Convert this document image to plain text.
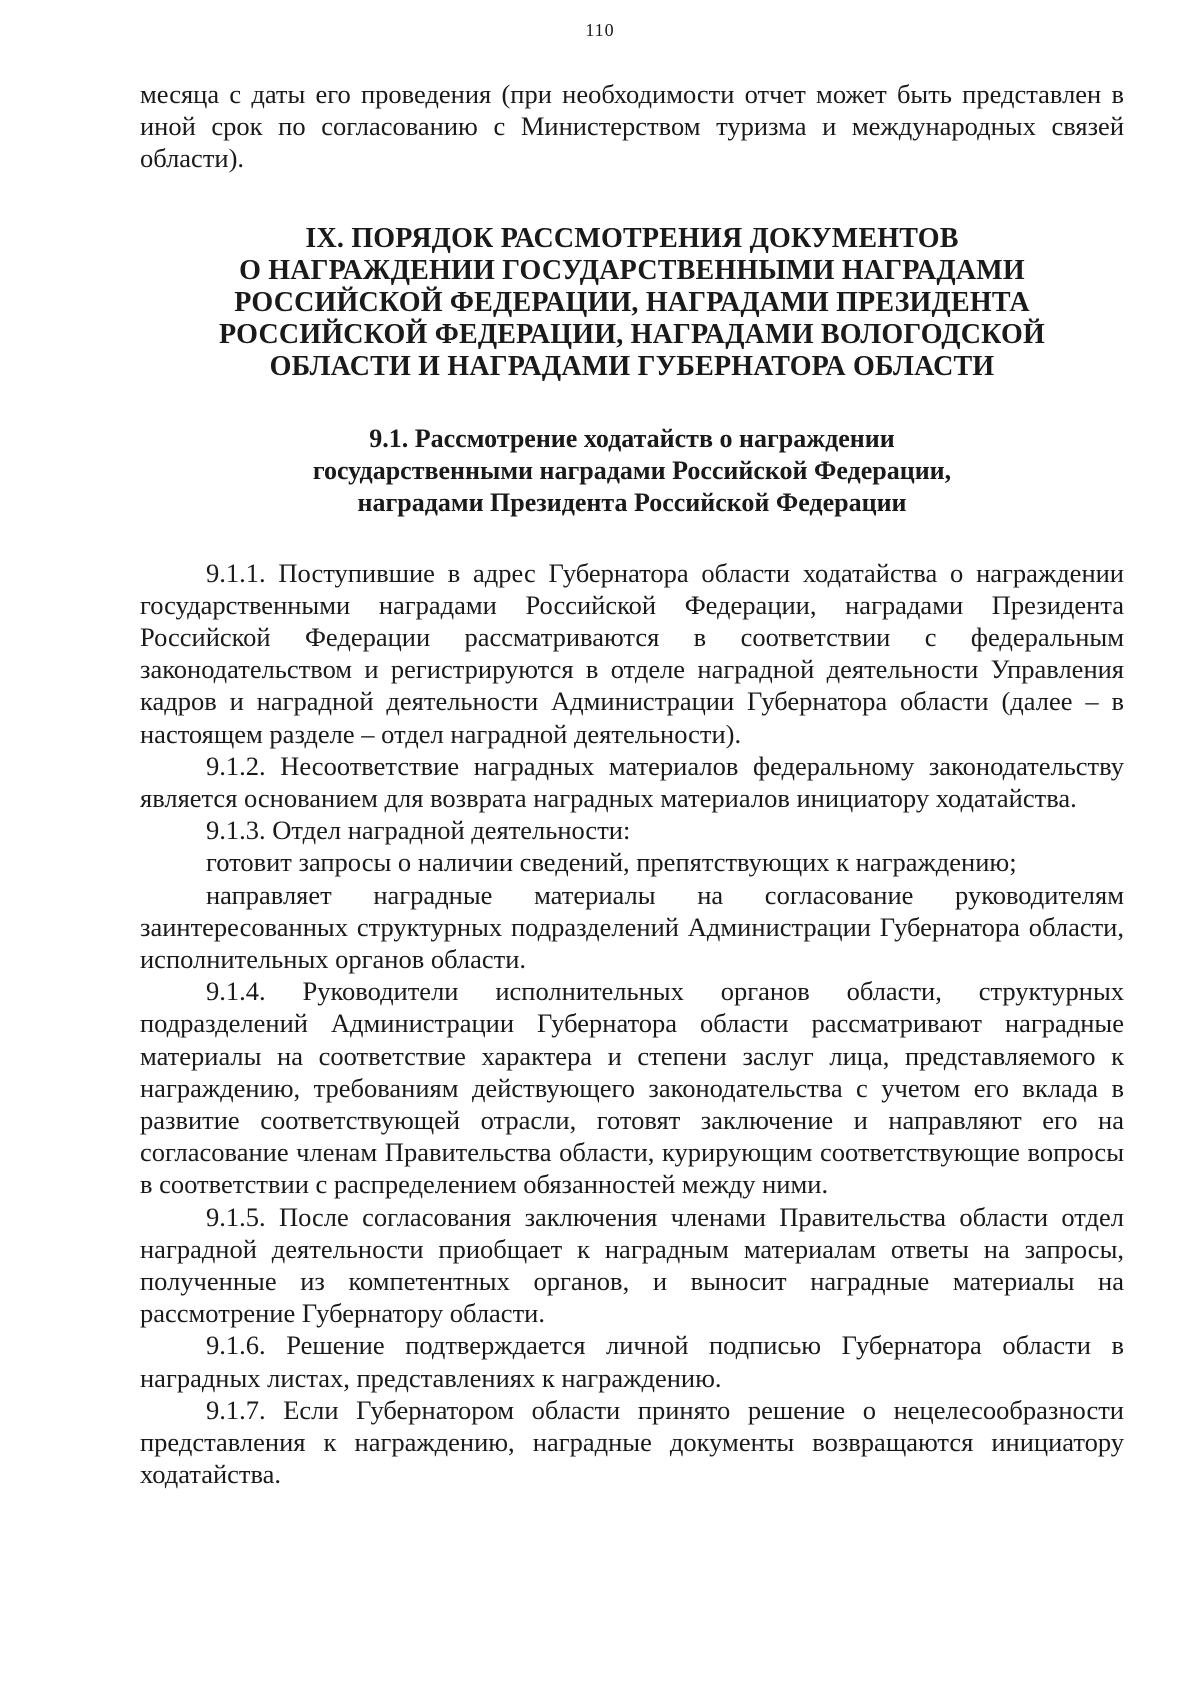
110

месяца с даты его проведения (при необходимости отчет может быть представлен в иной срок по согласованию с Министерством туризма и международных связей области).

IX. ПОРЯДОК РАССМОТРЕНИЯ ДОКУМЕНТОВ
О НАГРАЖДЕНИИ ГОСУДАРСТВЕННЫМИ НАГРАДАМИ
РОССИЙСКОЙ ФЕДЕРАЦИИ, НАГРАДАМИ ПРЕЗИДЕНТА
РОССИЙСКОЙ ФЕДЕРАЦИИ, НАГРАДАМИ ВОЛОГОДСКОЙ
ОБЛАСТИ И НАГРАДАМИ ГУБЕРНАТОРА ОБЛАСТИ
9.1. Рассмотрение ходатайств о награждении
государственными наградами Российской Федерации,
наградами Президента Российской Федерации

9.1.1. Поступившие в адрес Губернатора области ходатайства о награждении государственными наградами Российской Федерации, наградами Президента Российской Федерации рассматриваются в соответствии с федеральным законодательством и регистрируются в отделе наградной деятельности Управления кадров и наградной деятельности Администрации Губернатора области (далее – в настоящем разделе – отдел наградной деятельности).

9.1.2. Несоответствие наградных материалов федеральному законодательству является основанием для возврата наградных материалов инициатору ходатайства.

9.1.3. Отдел наградной деятельности:

готовит запросы о наличии сведений, препятствующих к награждению;

направляет наградные материалы на согласование руководителям заинтересованных структурных подразделений Администрации Губернатора области, исполнительных органов области.

9.1.4. Руководители исполнительных органов области, структурных подразделений Администрации Губернатора области рассматривают наградные материалы на соответствие характера и степени заслуг лица, представляемого к награждению, требованиям действующего законодательства с учетом его вклада в развитие соответствующей отрасли, готовят заключение и направляют его на согласование членам Правительства области, курирующим соответствующие вопросы в соответствии с распределением обязанностей между ними.

9.1.5. После согласования заключения членами Правительства области отдел наградной деятельности приобщает к наградным материалам ответы на запросы, полученные из компетентных органов, и выносит наградные материалы на рассмотрение Губернатору области.

9.1.6. Решение подтверждается личной подписью Губернатора области в наградных листах, представлениях к награждению.

9.1.7. Если Губернатором области принято решение о нецелесообразности представления к награждению, наградные документы возвращаются инициатору ходатайства.
